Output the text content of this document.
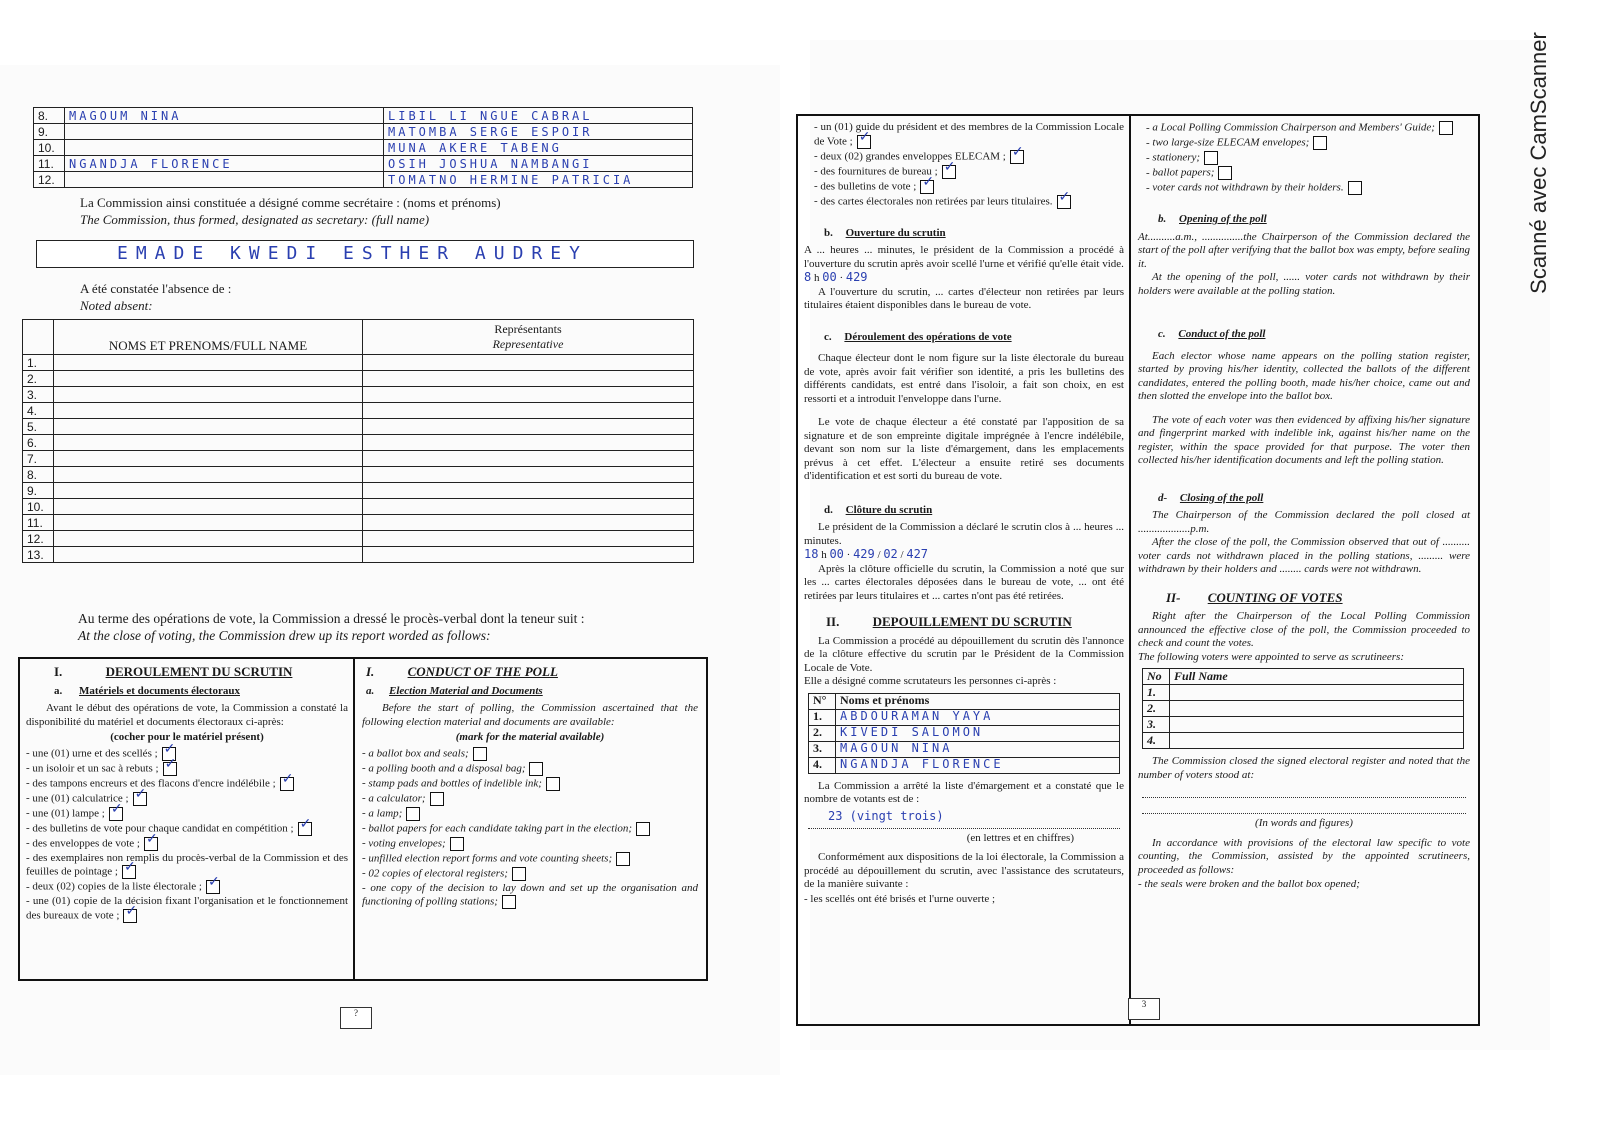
8.	MAGOUM NINA	LIBIL LI NGUE CABRAL
9.		MATOMBA SERGE ESPOIR
10.		MUNA AKERE TABENG
11.	NGANDJA FLORENCE	OSIH JOSHUA NAMBANGI
12.		TOMATNO HERMINE PATRICIA
La Commission ainsi constituée a désigné comme secrétaire : (noms et prénoms)
The Commission, thus formed, designated as secretary: (full name)
EMADE KWEDI ESTHER AUDREY
A été constatée l'absence de :
Noted absent:
	NOMS ET PRENOMS/FULL NAME	Représentants
Representative

1.		
2.		
3.		
4.		
5.		
6.		
7.		
8.		
9.		
10.		
11.		
12.		
13.		
Au terme des opérations de vote, la Commission a dressé le procès-verbal dont la teneur suit :
At the close of voting, the Commission drew up its report worded as follows:
I.	DEROULEMENT DU SCRUTIN
a. Matériels et documents électoraux
Avant le début des opérations de vote, la Commission a constaté la disponibilité du matériel et documents électoraux ci-après:
(cocher pour le matériel présent)
- une (01) urne et des scellés ;✓
- un isoloir et un sac à rebuts ;✓
- des tampons encreurs et des flacons d'encre indélébile ;✓
- une (01) calculatrice ;✓
- une (01) lampe ;✓
- des bulletins de vote pour chaque candidat en compétition ;✓
- des enveloppes de vote ;✓
- des exemplaires non remplis du procès-verbal de la Commission et des feuilles de pointage ;✓
- deux (02) copies de la liste électorale ;✓
- une (01) copie de la décision fixant l'organisation et le fonctionnement des bureaux de vote ;✓
I.	CONDUCT OF THE POLL
a. Election Material and Documents
Before the start of polling, the Commission ascertained that the following election material and documents are available:
(mark for the material available)
- a ballot box and seals;
- a polling booth and a disposal bag;
- stamp pads and bottles of indelible ink;
- a calculator;
- a lamp;
- ballot papers for each candidate taking part in the election;
- voting envelopes;
- unfilled election report forms and vote counting sheets;
- 02 copies of electoral registers;
- one copy of the decision to lay down and set up the organisation and functioning of polling stations;
?
- un (01) guide du président et des membres de la Commission Locale de Vote ;✓
- deux (02) grandes enveloppes ELECAM ;✓
- des fournitures de bureau ;✓
- des bulletins de vote ;✓
- des cartes électorales non retirées par leurs titulaires.✓
b. Ouverture du scrutin
A ... heures ... minutes, le président de la Commission a procédé à l'ouverture du scrutin après avoir scellé l'urne et vérifié qu'elle était vide.
8 h 00 · 429
A l'ouverture du scrutin, ... cartes d'électeur non retirées par leurs titulaires étaient disponibles dans le bureau de vote.
c. Déroulement des opérations de vote
Chaque électeur dont le nom figure sur la liste électorale du bureau de vote, après avoir fait vérifier son identité, a pris les bulletins des différents candidats, est entré dans l'isoloir, a fait son choix, en est ressorti et a introduit l'enveloppe dans l'urne.
Le vote de chaque électeur a été constaté par l'apposition de sa signature et de son empreinte digitale imprégnée à l'encre indélébile, devant son nom sur la liste d'émargement, dans les emplacements prévus à cet effet. L'électeur a ensuite retiré ses documents d'identification et est sorti du bureau de vote.
d. Clôture du scrutin
Le président de la Commission a déclaré le scrutin clos à ... heures ... minutes.
18 h 00 · 429 / 02 / 427
Après la clôture officielle du scrutin, la Commission a noté que sur les ... cartes électorales déposées dans le bureau de vote, ... ont été retirées par leurs titulaires et ... cartes n'ont pas été retirées.
II.	DEPOUILLEMENT DU SCRUTIN
La Commission a procédé au dépouillement du scrutin dès l'annonce de la clôture effective du scrutin par le Président de la Commission Locale de Vote.
Elle a désigné comme scrutateurs les personnes ci-après :
N°	Noms et prénoms
1.	ABDOURAMAN YAYA
2.	KIVEDI SALOMON
3.	MAGOUN NINA
4.	NGANDJA FLORENCE
La Commission a arrêté la liste d'émargement et a constaté que le nombre de votants est de :
23 (vingt trois)
(en lettres et en chiffres)
Conformément aux dispositions de la loi électorale, la Commission a procédé au dépouillement du scrutin, avec l'assistance des scrutateurs, de la manière suivante :
- les scellés ont été brisés et l'urne ouverte ;
- a Local Polling Commission Chairperson and Members' Guide;
- two large-size ELECAM envelopes;
- stationery;
- ballot papers;
- voter cards not withdrawn by their holders.
b. Opening of the poll
At..........a.m., ...............the Chairperson of the Commission declared the start of the poll after verifying that the ballot box was empty, before sealing it.
At the opening of the poll, ...... voter cards not withdrawn by their holders were available at the polling station.
c. Conduct of the poll
Each elector whose name appears on the polling station register, started by proving his/her identity, collected the ballots of the different candidates, entered the polling booth, made his/her choice, came out and then slotted the envelope into the ballot box.
The vote of each voter was then evidenced by affixing his/her signature and fingerprint marked with indelible ink, against his/her name on the register, within the space provided for that purpose. The voter then collected his/her identification documents and left the polling station.
d- Closing of the poll
The Chairperson of the Commission declared the poll closed at ...................p.m.
After the close of the poll, the Commission observed that out of .......... voter cards not withdrawn placed in the polling stations, ......... were withdrawn by their holders and ........ cards were not withdrawn.
II- COUNTING OF VOTES
Right after the Chairperson of the Local Polling Commission announced the effective close of the poll, the Commission proceeded to check and count the votes.
The following voters were appointed to serve as scrutineers:
No	Full Name
1.	
2.	
3.	
4.	
The Commission closed the signed electoral register and noted that the number of voters stood at:
(In words and figures)
In accordance with provisions of the electoral law specific to vote counting, the Commission, assisted by the appointed scrutineers, proceeded as follows:
- the seals were broken and the ballot box opened;
3
Scanné avec CamScanner
